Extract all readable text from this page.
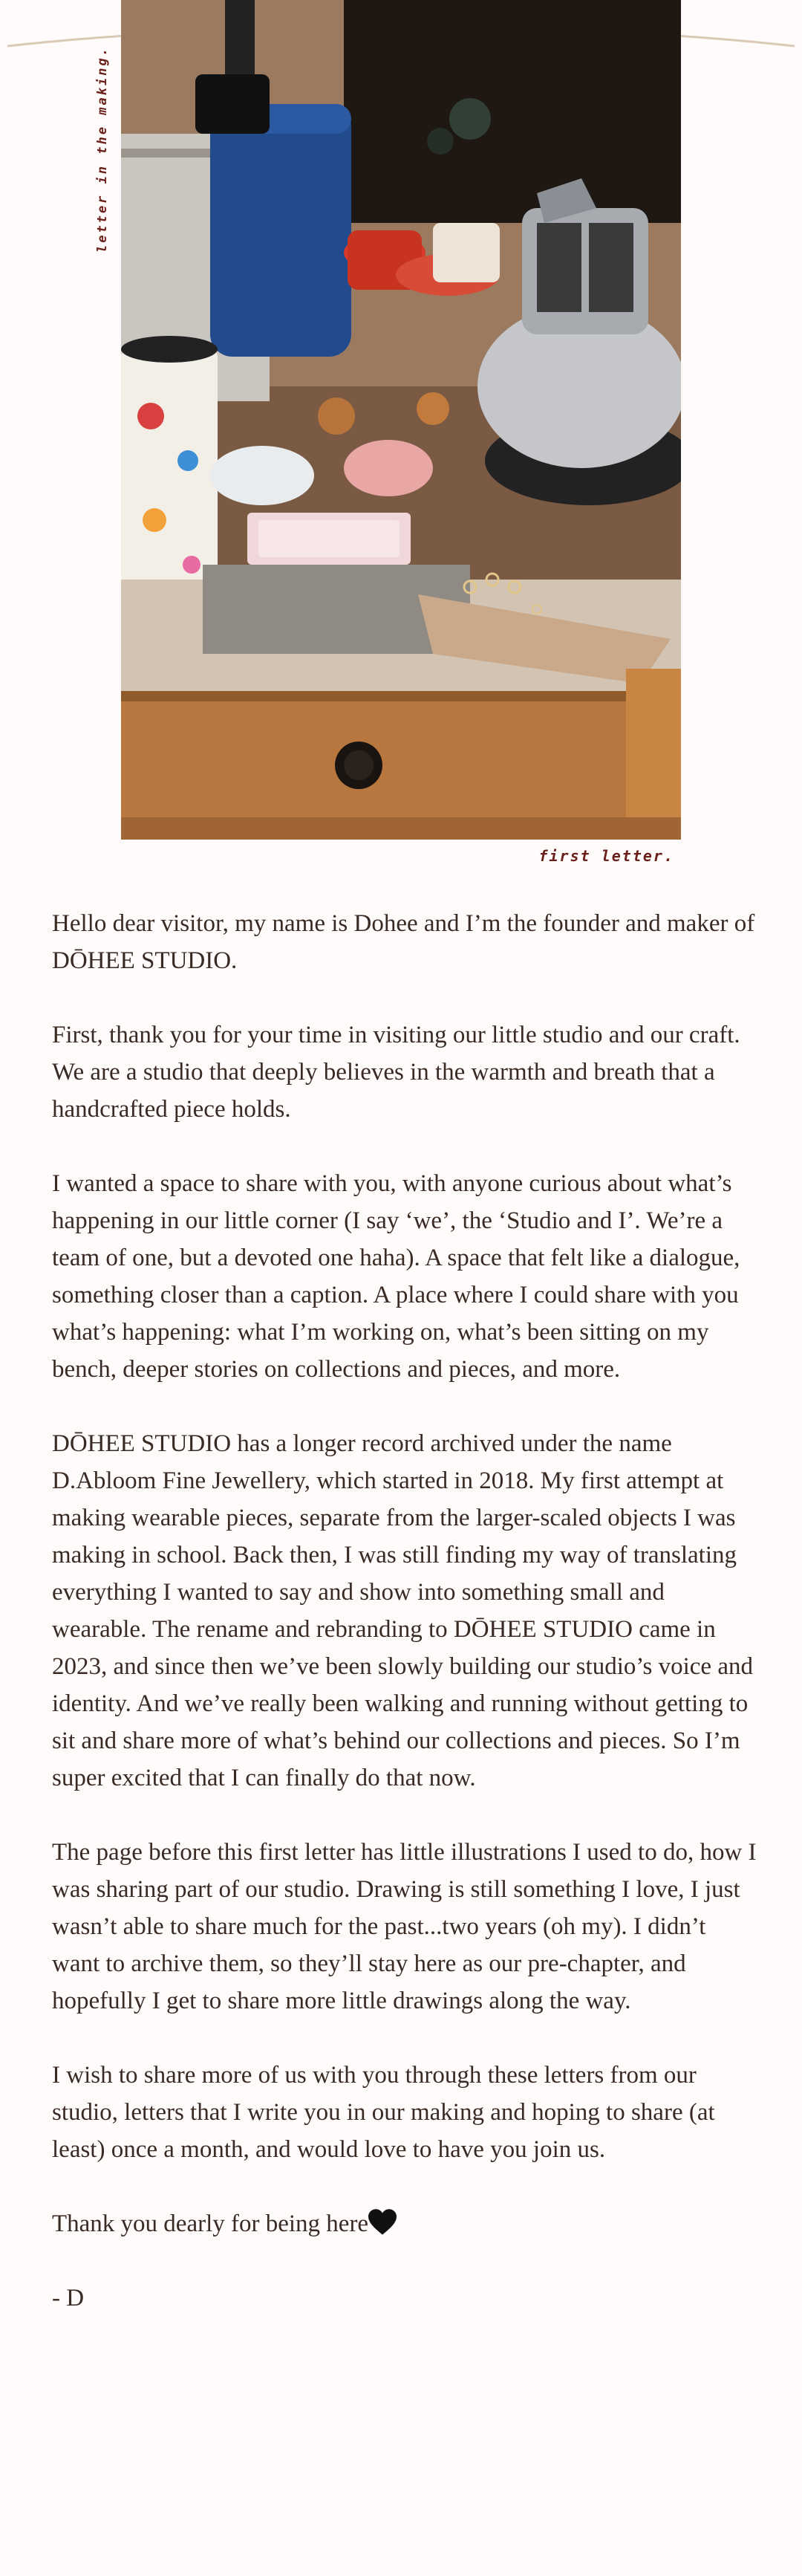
letter in the making.
first letter.

Hello dear visitor, my name is Dohee and I’m the founder and maker of DŌHEE STUDIO.

First, thank you for your time in visiting our little studio and our craft. We are a studio that deeply believes in the warmth and breath that a handcrafted piece holds.

I wanted a space to share with you, with anyone curious about what’s happening in our little corner (I say ‘we’, the ‘Studio and I’. We’re a team of one, but a devoted one haha). A space that felt like a dialogue, something closer than a caption. A place where I could share with you what’s happening: what I’m working on, what’s been sitting on my bench, deeper stories on collections and pieces, and more.

DŌHEE STUDIO has a longer record archived under the name D.Abloom Fine Jewellery, which started in 2018. My first attempt at making wearable pieces, separate from the larger-scaled objects I was making in school. Back then, I was still finding my way of translating everything I wanted to say and show into something small and wearable. The rename and rebranding to DŌHEE STUDIO came in 2023, and since then we’ve been slowly building our studio’s voice and identity. And we’ve really been walking and running without getting to sit and share more of what’s behind our collections and pieces. So I’m super excited that I can finally do that now.

The page before this first letter has little illustrations I used to do, how I was sharing part of our studio. Drawing is still something I love, I just wasn’t able to share much for the past...two years (oh my). I didn’t want to archive them, so they’ll stay here as our pre-chapter, and hopefully I get to share more little drawings along the way.

I wish to share more of us with you through these letters from our studio, letters that I write you in our making and hoping to share (at least) once a month, and would love to have you join us.

Thank you dearly for being here

- D
